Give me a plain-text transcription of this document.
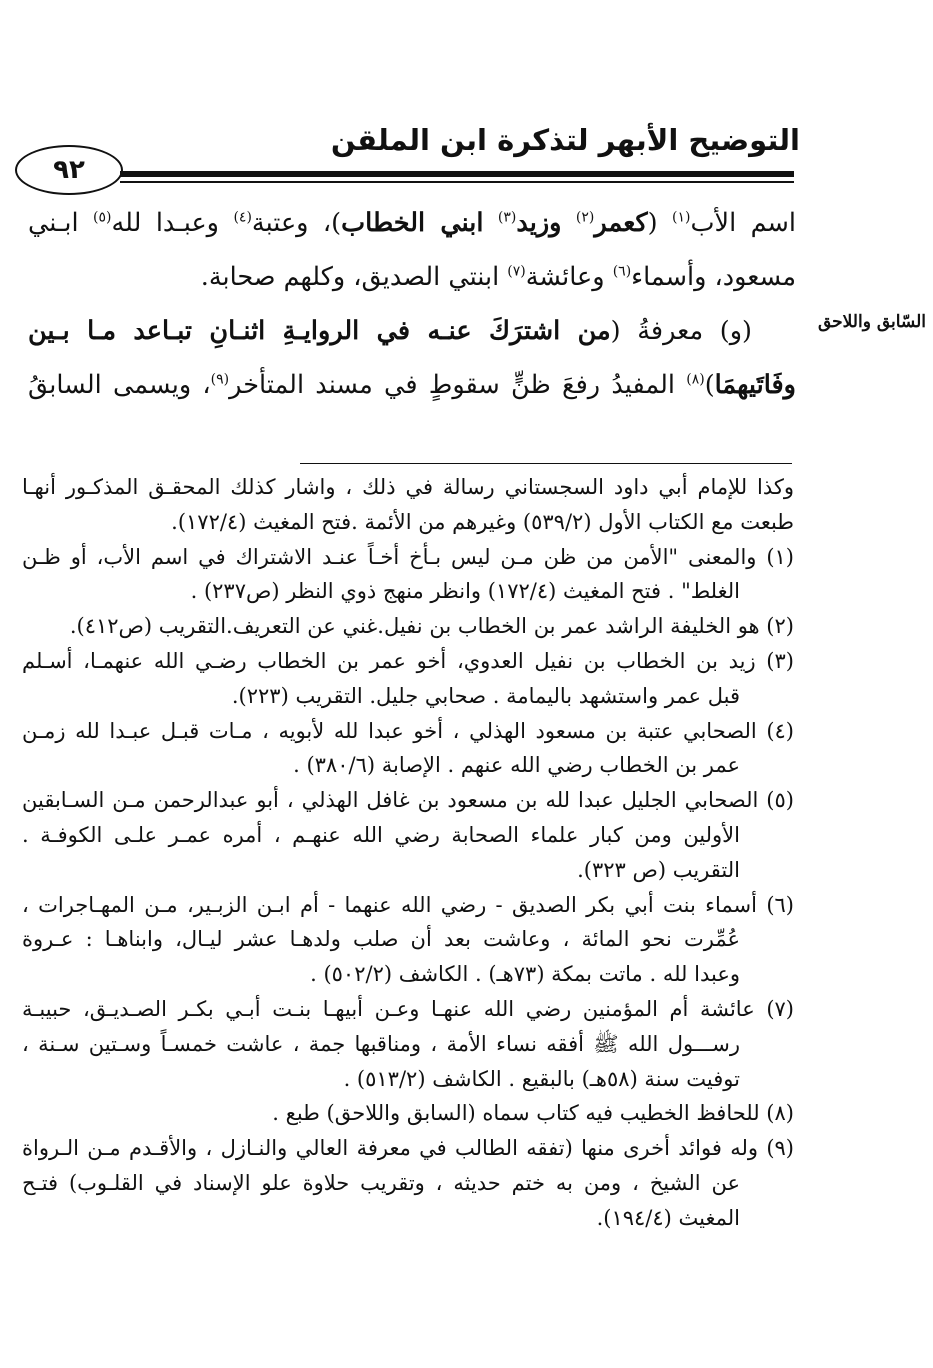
التوضيح الأبهر لتذكرة ابن الملقن
٩٢
اسم الأب$^{(١)}$ (كعمر$^{(٢)}$ وزيد$^{(٣)}$ ابني الخطاب)، وعتبة$^{(٤)}$ وعبـدا لله$^{(٥)}$ ابـني
مسعود، وأسماء$^{(٦)}$ وعائشة$^{(٧)}$ ابنتي الصديق، وكلهم صحابة.
(و) معرفةُ (من اشترَكَ عنـه في الروايـةِ اثنـانِ تبـاعد مـا بـين
وفَاتَيهمَا)$^{(٨)}$ المفيدُ رفعَ ظنٍّ سقوطٍ في مسند المتأخر$^{(٩)}$، ويسمى السابقُ
السّابق واللاحق
وكذا للإمام أبي داود السجستاني رسالة في ذلك ، واشار كذلك المحقـق المذكـور أنهـا
طبعت مع الكتاب الأول (٥٣٩/٢) وغيرهم من الأئمة .فتح المغيث (١٧٢/٤).
(١) والمعنى "الأمن من ظن مـن ليس بـأخ أخـاً عنـد الاشتراك في اسم الأب، أو ظـن
الغلط" . فتح المغيث (١٧٢/٤) وانظر منهج ذوي النظر (ص٢٣٧) .
(٢) هو الخليفة الراشد عمر بن الخطاب بن نفيل.غني عن التعريف.التقريب (ص٤١٢).
(٣) زيد بن الخطاب بن نفيل العدوي، أخو عمر بن الخطاب رضـي الله عنهمـا، أسـلم
قبل عمر واستشهد باليمامة . صحابي جليل. التقريب (٢٢٣).
(٤) الصحابي عتبة بن مسعود الهذلي ، أخو عبدا لله لأبويه ، مـات قبـل عبـدا لله زمـن
عمر بن الخطاب رضي الله عنهم . الإصابة (٣٨٠/٦) .
(٥) الصحابي الجليل عبدا لله بن مسعود بن غافل الهذلي ، أبو عبدالرحمن مـن السـابقين
الأولين ومن كبار علماء الصحابة رضي الله عنهـم ، أمره عمـر علـى الكوفـة .
التقريب (ص ٣٢٣).
(٦) أسماء بنت أبي بكر الصديق - رضي الله عنهما - أم ابـن الزبـير، مـن المهـاجرات ،
عُمِّرت نحو المائة ، وعاشت بعد أن صلب ولدهـا عشر ليـال، وابناهـا : عـروة
وعبدا لله . ماتت بمكة (٧٣هـ) . الكاشف (٥٠٢/٢) .
(٧) عائشة أم المؤمنين رضي الله عنهـا وعـن أبيهـا بنـت أبـي بكـر الصـديـق، حبيبـة
رســـول الله ﷺ أفقه نساء الأمة ، ومناقبها جمة ، عاشت خمسـاً وسـتين سـنة ،
توفيت سنة (٥٨هـ) بالبقيع . الكاشف (٥١٣/٢) .
(٨) للحافظ الخطيب فيه كتاب سماه (السابق واللاحق) طبع .
(٩) وله فوائد أخرى منها (تفقه الطالب في معرفة العالي والنـازل ، والأقـدم مـن الـرواة
عن الشيخ ، ومن به ختم حديثه ، وتقريب حلاوة علو الإسناد في القلـوب) فتـح
المغيث (١٩٤/٤).
